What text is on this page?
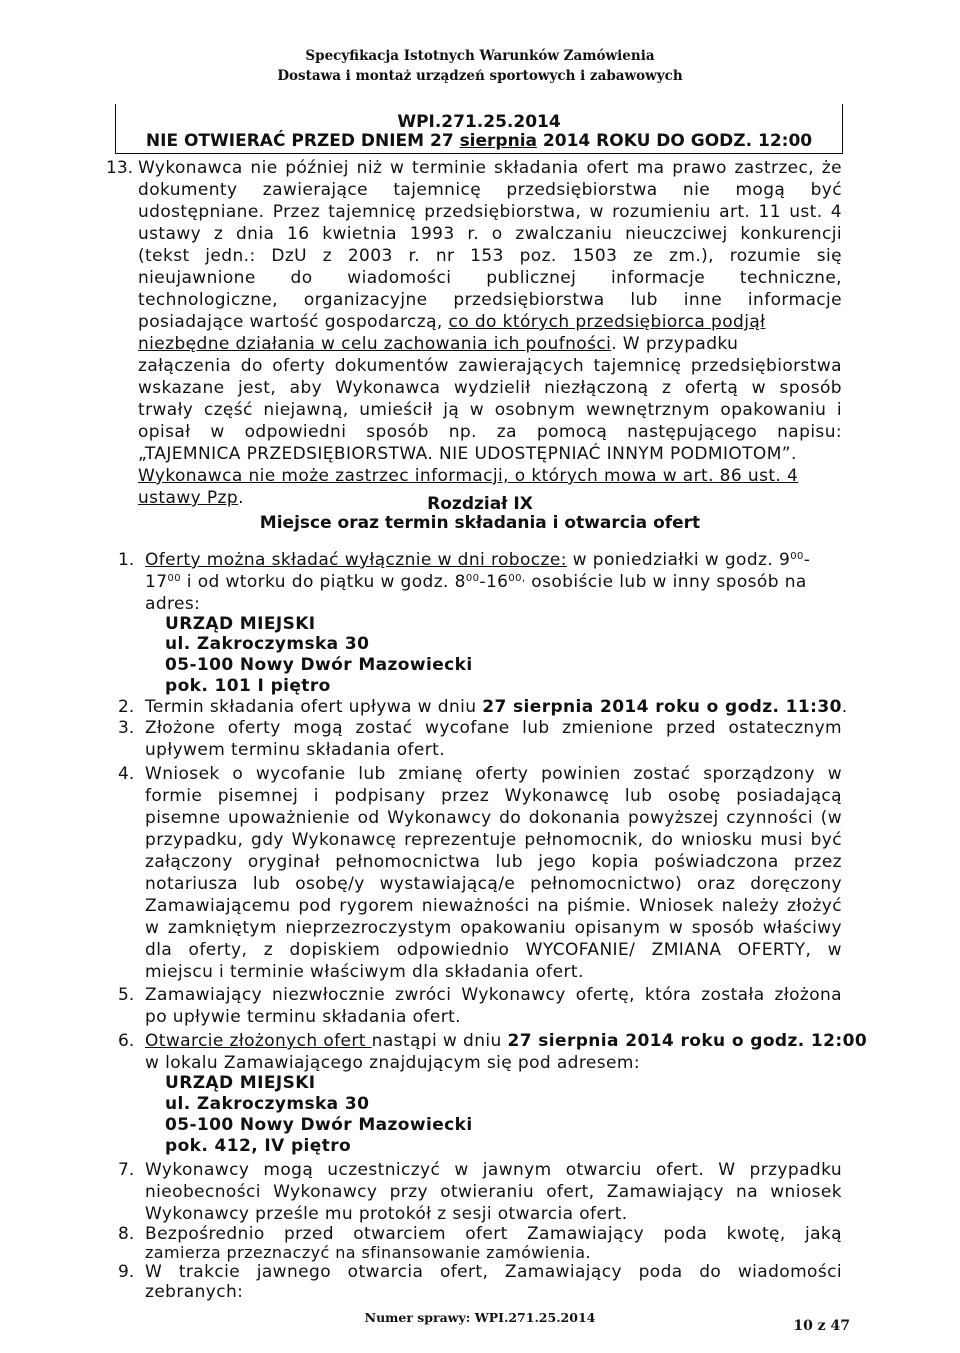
Specyfikacja Istotnych Warunków Zamówienia
Dostawa i montaż urządzeń sportowych i zabawowych
WPI.271.25.2014
NIE OTWIERAĆ PRZED DNIEM 27 sierpnia 2014 ROKU DO GODZ. 12:00
13. Wykonawca nie później niż w terminie składania ofert ma prawo zastrzec, że
dokumenty zawierające tajemnicę przedsiębiorstwa nie mogą być
udostępniane. Przez tajemnicę przedsiębiorstwa, w rozumieniu art. 11 ust. 4
ustawy z dnia 16 kwietnia 1993 r. o zwalczaniu nieuczciwej konkurencji
(tekst jedn.: DzU z 2003 r. nr 153 poz. 1503 ze zm.), rozumie się
nieujawnione do wiadomości publicznej informacje techniczne,
technologiczne, organizacyjne przedsiębiorstwa lub inne informacje
posiadające wartość gospodarczą, co do których przedsiębiorca podjął
niezbędne działania w celu zachowania ich poufności. W przypadku
załączenia do oferty dokumentów zawierających tajemnicę przedsiębiorstwa
wskazane jest, aby Wykonawca wydzielił niezłączoną z ofertą w sposób
trwały część niejawną, umieścił ją w osobnym wewnętrznym opakowaniu i
opisał w odpowiedni sposób np. za pomocą następującego napisu:
„TAJEMNICA PRZEDSIĘBIORSTWA. NIE UDOSTĘPNIAĆ INNYM PODMIOTOM”.
Wykonawca nie może zastrzec informacji, o których mowa w art. 86 ust. 4
ustawy Pzp.	Rozdział IX
Miejsce oraz termin składania i otwarcia ofert
1. Oferty można składać wyłącznie w dni robocze: w poniedziałki w godz. $9^{00}-$
$17^{00}$ i od wtorku do piątku w godz. $8^{00}-16^{00,}$ osobiście lub w inny sposób na
adres:
URZĄD MIEJSKI
ul. Zakroczymska 30
05-100 Nowy Dwór Mazowiecki
pok. 101 I piętro
2. Termin składania ofert upływa w dniu 27 sierpnia 2014 roku o godz. 11:30.
3. Złożone oferty mogą zostać wycofane lub zmienione przed ostatecznym
upływem terminu składania ofert.
4. Wniosek o wycofanie lub zmianę oferty powinien zostać sporządzony w
formie pisemnej i podpisany przez Wykonawcę lub osobę posiadającą
pisemne upoważnienie od Wykonawcy do dokonania powyższej czynności (w
przypadku, gdy Wykonawcę reprezentuje pełnomocnik, do wniosku musi być
załączony oryginał pełnomocnictwa lub jego kopia poświadczona przez
notariusza lub osobę/y wystawiającą/e pełnomocnictwo) oraz doręczony
Zamawiającemu pod rygorem nieważności na piśmie. Wniosek należy złożyć
w zamkniętym nieprzezroczystym opakowaniu opisanym w sposób właściwy
dla oferty, z dopiskiem odpowiednio WYCOFANIE/ ZMIANA OFERTY, w
miejscu i terminie właściwym dla składania ofert.
5. Zamawiający niezwłocznie zwróci Wykonawcy ofertę, która została złożona
po upływie terminu składania ofert.
6. Otwarcie złożonych ofert nastąpi w dniu 27 sierpnia 2014 roku o godz. 12:00
w lokalu Zamawiającego znajdującym się pod adresem:
URZĄD MIEJSKI
ul. Zakroczymska 30
05-100 Nowy Dwór Mazowiecki
pok. 412, IV piętro
7. Wykonawcy mogą uczestniczyć w jawnym otwarciu ofert. W przypadku
nieobecności Wykonawcy przy otwieraniu ofert, Zamawiający na wniosek
Wykonawcy prześle mu protokół z sesji otwarcia ofert.
8. Bezpośrednio przed otwarciem ofert Zamawiający poda kwotę, jaką
zamierza przeznaczyć na sfinansowanie zamówienia.
Numer sprawy: WPI.271.25.2014
10 z 47
9. W trakcie jawnego otwarcia ofert, Zamawiający poda do wiadomości
zebranych:
